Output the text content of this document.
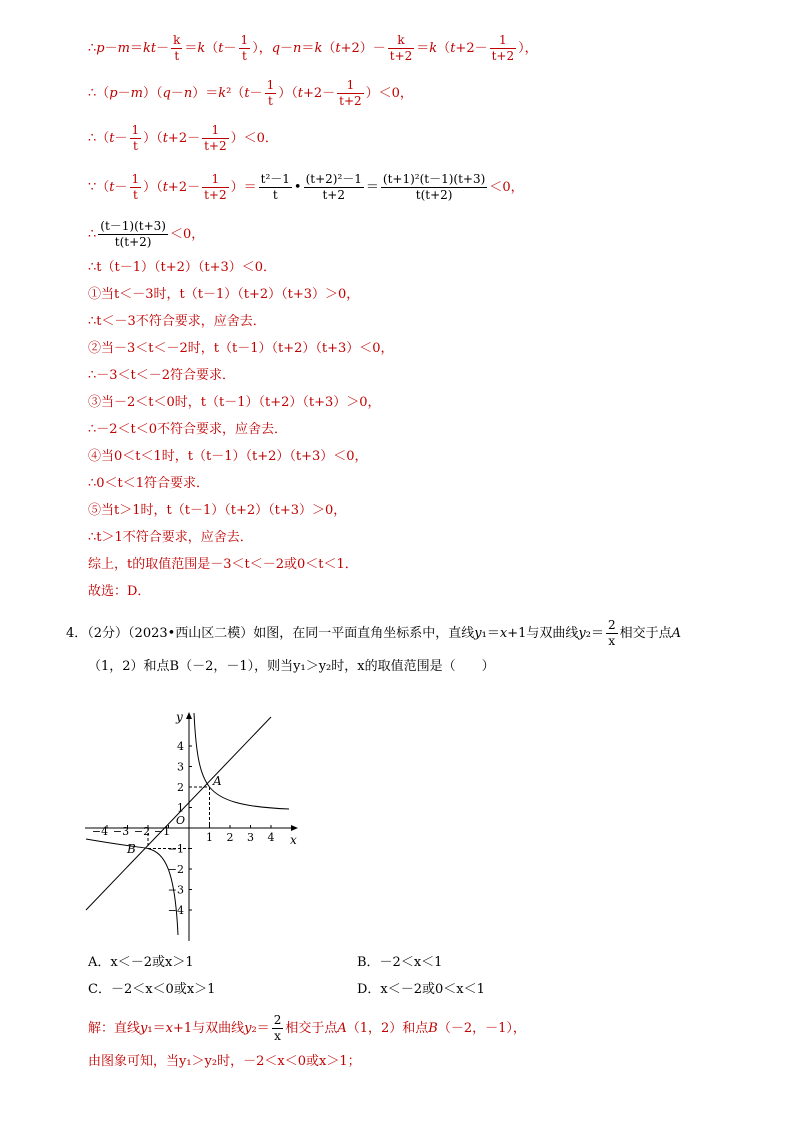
∴p－m＝kt－ $\frac{k}{t} =k(t- \frac{1}{t}$ ），$q-n=k(t+2)- \frac{k}{t+2} =k(t+2- \frac{1}{t+2}$ ），
∴（p－m）（q－n）＝k²（t－ $\frac{1}{t} )(t+2- \frac{1}{t+2} )<0$，
∴（t－ $\frac{1}{t} )(t+2- \frac{1}{t+2} )<0$．
∵（t－ $\frac{1}{t} )(t+2- \frac{1}{t+2}$ ）＝ $\frac{\text{t²－1}}{t}$ • $\frac{\text{(t+2)²－1}}{t+2} = \frac{\text{(t+1)²(t－1)(t+3)}}{t(t+2)} <0$，
∴ $\frac{(t-1)(t+3)}{t(t+2)} <0$，
∴t（t－1）（t+2）（t+3）＜0．
①当t＜－3时，t（t－1）（t+2）（t+3）＞0，
∴t＜－3不符合要求，应舍去．
②当－3＜t＜－2时，t（t－1）（t+2）（t+3）＜0，
∴－3＜t＜－2符合要求．
③当－2＜t＜0时，t（t－1）（t+2）（t+3）＞0，
∴－2＜t＜0不符合要求，应舍去．
④当0＜t＜1时，t（t－1）（t+2）（t+3）＜0，
∴0＜t＜1符合要求．
⑤当t＞1时，t（t－1）（t+2）（t+3）＞0，
∴t＞1不符合要求，应舍去．
综上，t的取值范围是－3＜t＜－2或0＜t＜1．
故选：D．
4．（2分）（2023•西山区二模）如图，在同一平面直角坐标系中，直线y₁＝x+1与双曲线$y_2= \frac{2}{x}$ 相交于点A
（1，2）和点B（－2，－1），则当y₁＞y₂时，x的取值范围是（　　）
−4 −3 −2 −1	1 2 3 4
4
3
2
1
−1
−2
−3
−4
x
y
O
A
B
A．x＜－2或x＞1	B．－2＜x＜1
C．－2＜x＜0或x＞1	D．x＜－2或0＜x＜1
解：直线y₁＝x+1与双曲线$y_2= \frac{2}{x}$ 相交于点A（1，2）和点B（－2，－1），
由图象可知，当y₁＞y₂时，－2＜x＜0或x＞1；
